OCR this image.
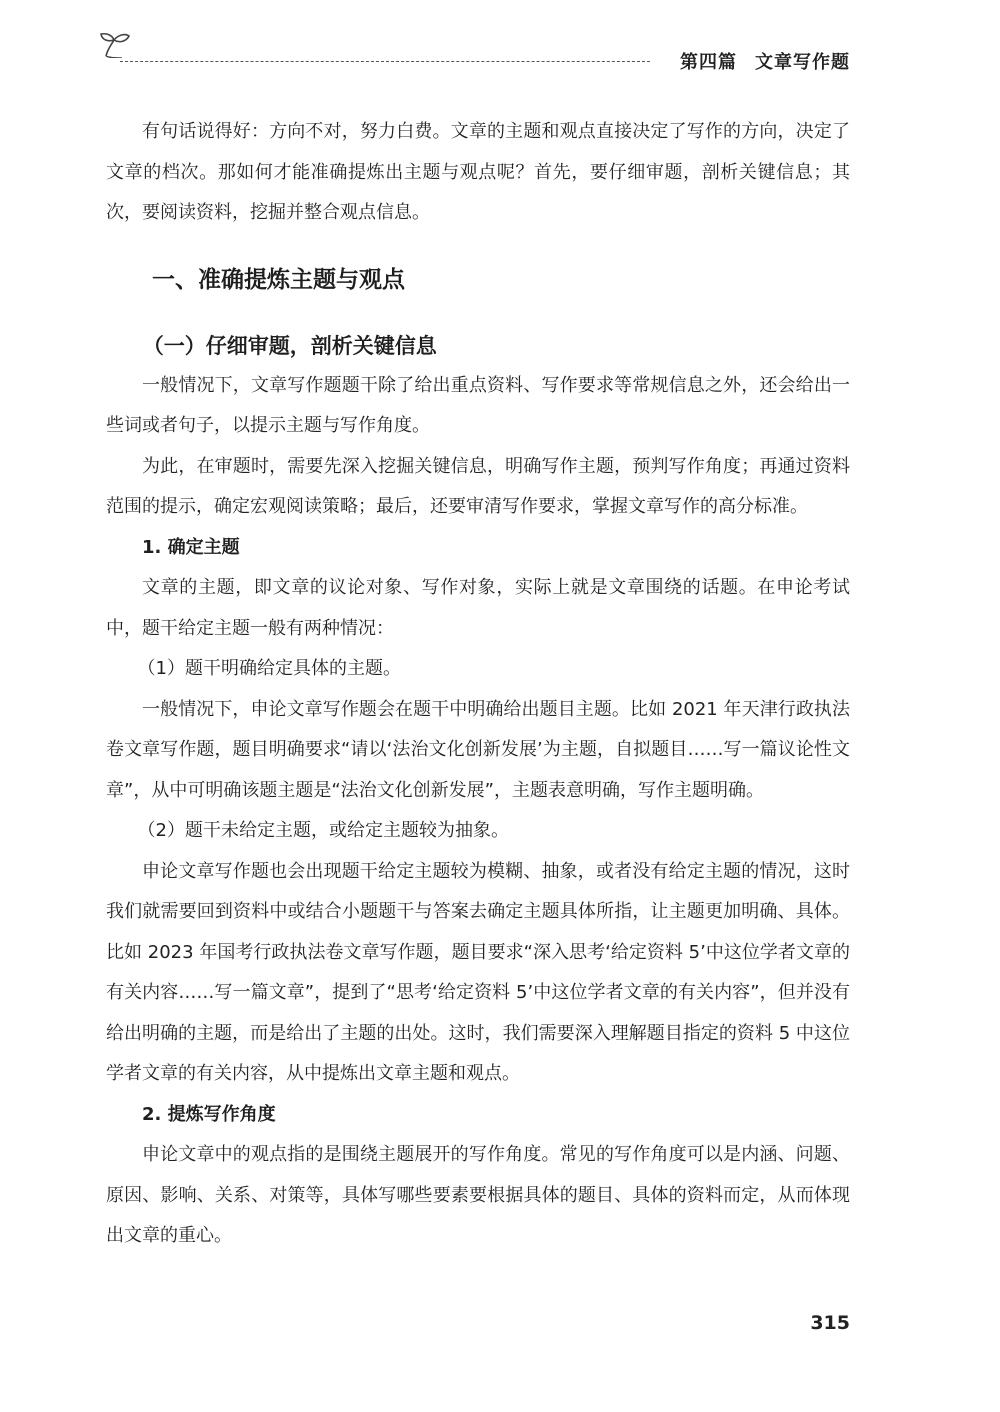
第四篇 文章写作题

有句话说得好：方向不对，努力白费。文章的主题和观点直接决定了写作的方向，决定了文章的档次。那如何才能准确提炼出主题与观点呢？首先，要仔细审题，剖析关键信息；其次，要阅读资料，挖掘并整合观点信息。

一、准确提炼主题与观点
（一）仔细审题，剖析关键信息

一般情况下，文章写作题题干除了给出重点资料、写作要求等常规信息之外，还会给出一些词或者句子，以提示主题与写作角度。

为此，在审题时，需要先深入挖掘关键信息，明确写作主题，预判写作角度；再通过资料范围的提示，确定宏观阅读策略；最后，还要审清写作要求，掌握文章写作的高分标准。

1. 确定主题

文章的主题，即文章的议论对象、写作对象，实际上就是文章围绕的话题。在申论考试中，题干给定主题一般有两种情况：

（1）题干明确给定具体的主题。

一般情况下，申论文章写作题会在题干中明确给出题目主题。比如 2021 年天津行政执法卷文章写作题，题目明确要求“请以‘法治文化创新发展’为主题，自拟题目……写一篇议论性文章”，从中可明确该题主题是“法治文化创新发展”，主题表意明确，写作主题明确。

（2）题干未给定主题，或给定主题较为抽象。

申论文章写作题也会出现题干给定主题较为模糊、抽象，或者没有给定主题的情况，这时我们就需要回到资料中或结合小题题干与答案去确定主题具体所指，让主题更加明确、具体。比如 2023 年国考行政执法卷文章写作题，题目要求“深入思考‘给定资料 5’中这位学者文章的有关内容……写一篇文章”，提到了“思考‘给定资料 5’中这位学者文章的有关内容”，但并没有给出明确的主题，而是给出了主题的出处。这时，我们需要深入理解题目指定的资料 5 中这位学者文章的有关内容，从中提炼出文章主题和观点。

2. 提炼写作角度

申论文章中的观点指的是围绕主题展开的写作角度。常见的写作角度可以是内涵、问题、原因、影响、关系、对策等，具体写哪些要素要根据具体的题目、具体的资料而定，从而体现出文章的重心。

315
